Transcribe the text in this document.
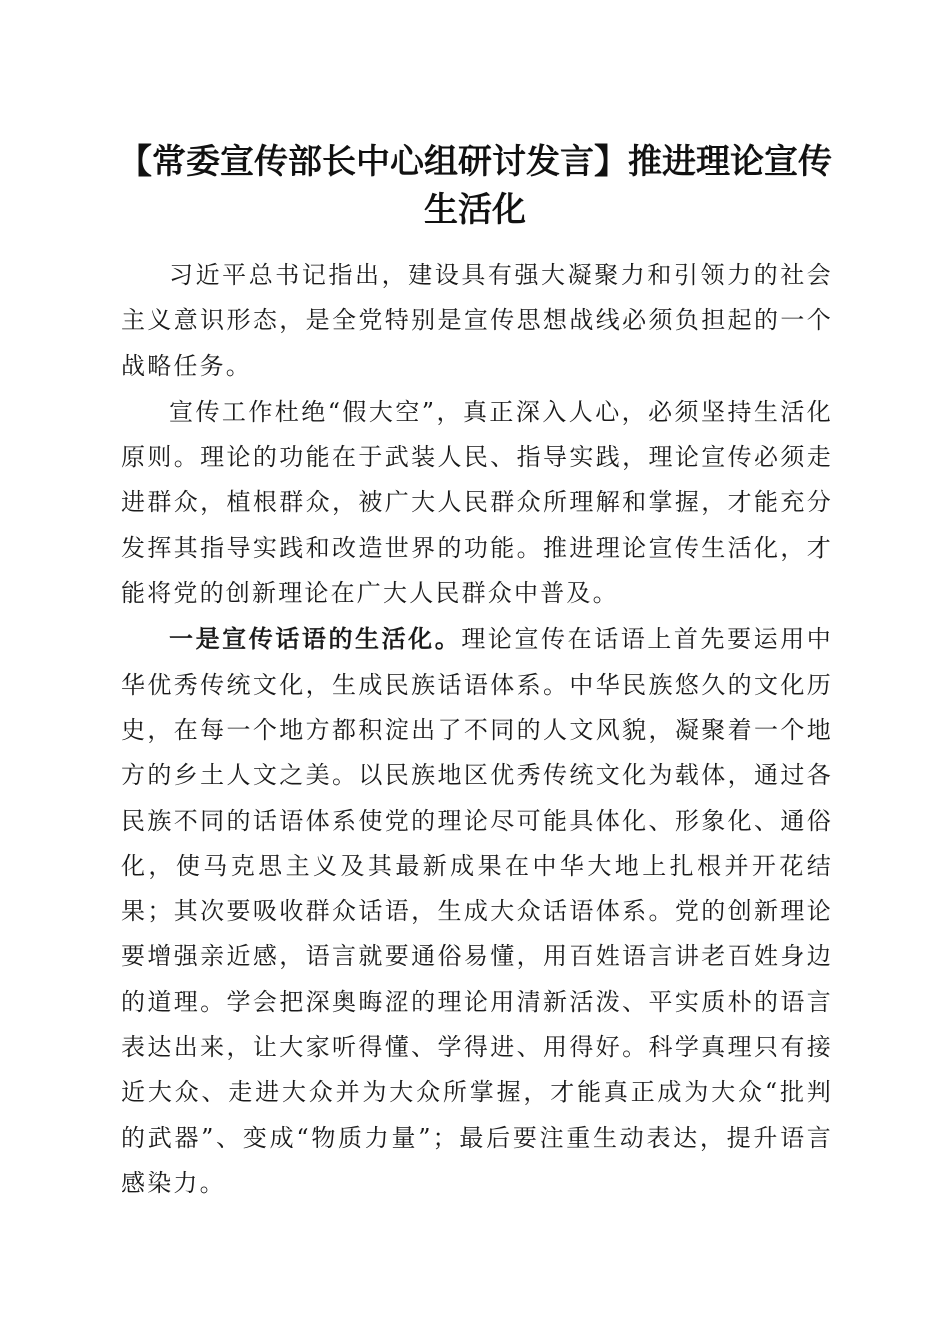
【常委宣传部长中心组研讨发言】推进理论宣传生活化

习近平总书记指出，建设具有强大凝聚力和引领力的社会主义意识形态，是全党特别是宣传思想战线必须负担起的一个战略任务。

宣传工作杜绝“假大空”，真正深入人心，必须坚持生活化原则。理论的功能在于武装人民、指导实践，理论宣传必须走进群众，植根群众，被广大人民群众所理解和掌握，才能充分发挥其指导实践和改造世界的功能。推进理论宣传生活化，才能将党的创新理论在广大人民群众中普及。

一是宣传话语的生活化。理论宣传在话语上首先要运用中华优秀传统文化，生成民族话语体系。中华民族悠久的文化历史，在每一个地方都积淀出了不同的人文风貌，凝聚着一个地方的乡土人文之美。以民族地区优秀传统文化为载体，通过各民族不同的话语体系使党的理论尽可能具体化、形象化、通俗化，使马克思主义及其最新成果在中华大地上扎根并开花结果；其次要吸收群众话语，生成大众话语体系。党的创新理论要增强亲近感，语言就要通俗易懂，用百姓语言讲老百姓身边的道理。学会把深奥晦涩的理论用清新活泼、平实质朴的语言表达出来，让大家听得懂、学得进、用得好。科学真理只有接近大众、走进大众并为大众所掌握，才能真正成为大众“批判的武器”、变成“物质力量”；最后要注重生动表达，提升语言感染力。
